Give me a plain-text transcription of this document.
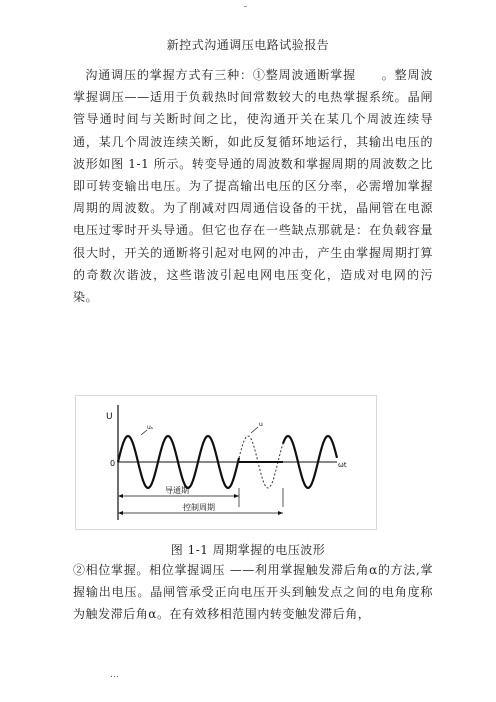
新控式沟通调压电路试验报告
沟通调压的掌握方式有三种：①整周波通断掌握　　。整周波掌握调压——适用于负载热时间常数较大的电热掌握系统。晶闸管导通时间与关断时间之比，使沟通开关在某几个周波连续导通，某几个周波连续关断，如此反复循环地运行，其输出电压的波形如图 1-1 所示。转变导通的周波数和掌握周期的周波数之比即可转变输出电压。为了提高输出电压的区分率，必需增加掌握周期的周波数。为了削减对四周通信设备的干扰，晶闸管在电源电压过零时开头导通。但它也存在一些缺点那就是：在负载容量很大时，开关的通断将引起对电网的冲击，产生由掌握周期打算的奇数次谐波，这些谐波引起电网电压变化，造成对电网的污染。
U
ωt
0
uₛ	u
导通期
控制周期
图 1-1 周期掌握的电压波形
②相位掌握。相位掌握调压 ——利用掌握触发滞后角α的方法,掌握输出电压。晶闸管承受正向电压开头到触发点之间的电角度称为触发滞后角α。在有效移相范围内转变触发滞后角，
…
